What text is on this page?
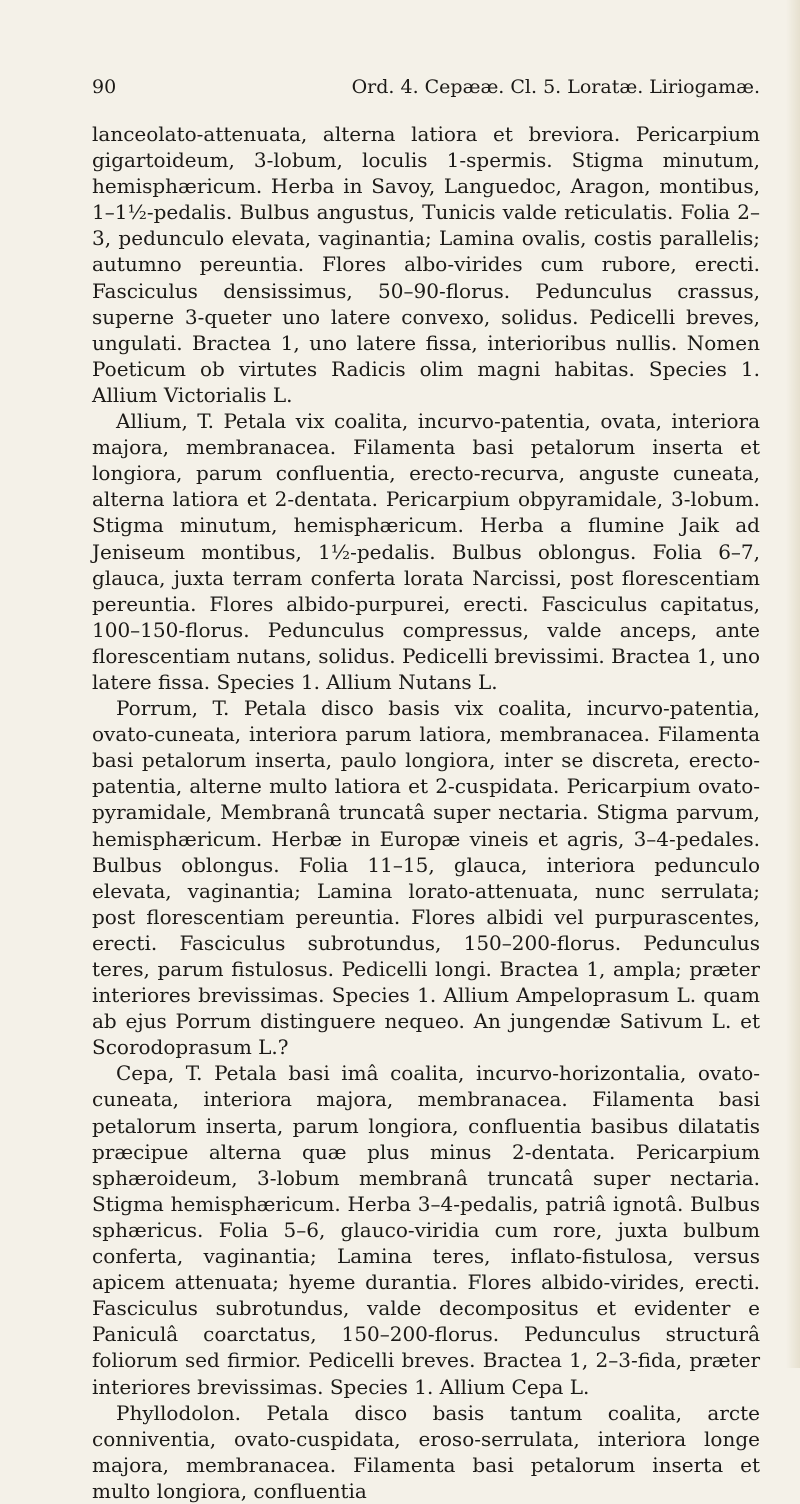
90	Ord. 4. Cepææ. Cl. 5. Loratæ. Liriogamæ.

lanceolato-attenuata, alterna latiora et breviora. Pericarpium gigartoideum, 3-lobum, loculis 1-spermis. Stigma minutum, hemisphæricum. Herba in Savoy, Languedoc, Aragon, montibus, 1–1½-pedalis. Bulbus angustus, Tunicis valde reticulatis. Folia 2–3, pedunculo elevata, vaginantia; Lamina ovalis, costis parallelis; autumno pereuntia. Flores albo-virides cum rubore, erecti. Fasciculus densissimus, 50–90-florus. Pedunculus crassus, superne 3-queter uno latere convexo, solidus. Pedicelli breves, ungulati. Bractea 1, uno latere fissa, interioribus nullis. Nomen Poeticum ob virtutes Radicis olim magni habitas. Species 1. Allium Victorialis L.

Allium, T. Petala vix coalita, incurvo-patentia, ovata, interiora majora, membranacea. Filamenta basi petalorum inserta et longiora, parum confluentia, erecto-recurva, anguste cuneata, alterna latiora et 2-dentata. Pericarpium obpyramidale, 3-lobum. Stigma minutum, hemisphæricum. Herba a flumine Jaik ad Jeniseum montibus, 1½-pedalis. Bulbus oblongus. Folia 6–7, glauca, juxta terram conferta lorata Narcissi, post florescentiam pereuntia. Flores albido-purpurei, erecti. Fasciculus capitatus, 100–150-florus. Pedunculus compressus, valde anceps, ante florescentiam nutans, solidus. Pedicelli brevissimi. Bractea 1, uno latere fissa. Species 1. Allium Nutans L.

Porrum, T. Petala disco basis vix coalita, incurvo-patentia, ovato-cuneata, interiora parum latiora, membranacea. Filamenta basi petalorum inserta, paulo longiora, inter se discreta, erecto-patentia, alterne multo latiora et 2-cuspidata. Pericarpium ovato-pyramidale, Membranâ truncatâ super nectaria. Stigma parvum, hemisphæricum. Herbæ in Europæ vineis et agris, 3–4-pedales. Bulbus oblongus. Folia 11–15, glauca, interiora pedunculo elevata, vaginantia; Lamina lorato-attenuata, nunc serrulata; post florescentiam pereuntia. Flores albidi vel purpurascentes, erecti. Fasciculus subrotundus, 150–200-florus. Pedunculus teres, parum fistulosus. Pedicelli longi. Bractea 1, ampla; præter interiores brevissimas. Species 1. Allium Ampeloprasum L. quam ab ejus Porrum distinguere nequeo. An jungendæ Sativum L. et Scorodoprasum L.?

Cepa, T. Petala basi imâ coalita, incurvo-horizontalia, ovato-cuneata, interiora majora, membranacea. Filamenta basi petalorum inserta, parum longiora, confluentia basibus dilatatis præcipue alterna quæ plus minus 2-dentata. Pericarpium sphæroideum, 3-lobum membranâ truncatâ super nectaria. Stigma hemisphæricum. Herba 3–4-pedalis, patriâ ignotâ. Bulbus sphæricus. Folia 5–6, glauco-viridia cum rore, juxta bulbum conferta, vaginantia; Lamina teres, inflato-fistulosa, versus apicem attenuata; hyeme durantia. Flores albido-virides, erecti. Fasciculus subrotundus, valde decompositus et evidenter e Paniculâ coarctatus, 150–200-florus. Pedunculus structurâ foliorum sed firmior. Pedicelli breves. Bractea 1, 2–3-fida, præter interiores brevissimas. Species 1. Allium Cepa L.

Phyllodolon. Petala disco basis tantum coalita, arcte conniventia, ovato-cuspidata, eroso-serrulata, interiora longe majora, membranacea. Filamenta basi petalorum inserta et multo longiora, confluentia
